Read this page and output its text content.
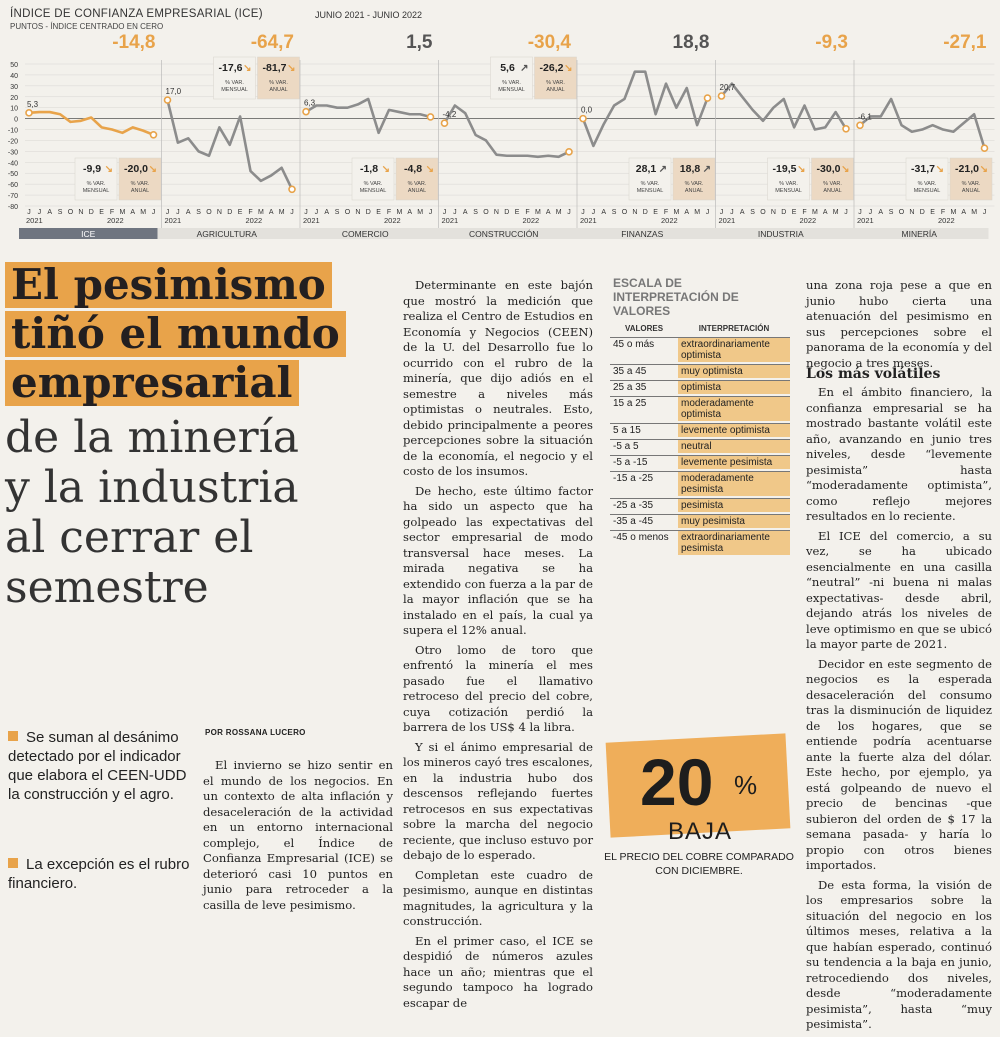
ÍNDICE DE CONFIANZA EMPRESARIAL (ICE)
PUNTOS - ÍNDICE CENTRADO EN CERO
JUNIO 2021 - JUNIO 2022
50
40
30
20
10
0
-10
-20
-30
-40
-50
-60
-70
-80
J J A S O N D E F M A M J
2021	2022
ICE
5,3
-14,8
-9,9 ↘
% VAR.
MENSUAL
-20,0 ↘
% VAR.
ANUAL
J J A S O N D E F M A M J
2021	2022
AGRICULTURA
17,0
-64,7
-17,6 ↘
% VAR.
MENSUAL
-81,7 ↘
% VAR.
ANUAL
J J A S O N D E F M A M J
2021	2022
COMERCIO
6,3
1,5
-1,8 ↘
% VAR.
MENSUAL
-4,8 ↘
% VAR.
ANUAL
J J A S O N D E F M A M J
2021	2022
CONSTRUCCIÓN
-4,2
-30,4
5,6 ↗
% VAR.
MENSUAL
-26,2 ↘
% VAR.
ANUAL
J J A S O N D E F M A M J
2021	2022
FINANZAS
0,0
18,8
28,1 ↗
% VAR.
MENSUAL
18,8 ↗
% VAR.
ANUAL
J J A S O N D E F M A M J
2021	2022
INDUSTRIA
20,7
-9,3
-19,5 ↘
% VAR.
MENSUAL
-30,0 ↘
% VAR.
ANUAL
J J A S O N D E F M A M J
2021	2022
MINERÍA
-6,1
-27,1
-31,7 ↘
% VAR.
MENSUAL
-21,0 ↘
% VAR.
ANUAL
El pesimismo
tiñó el mundo
empresarial
de la minería
y la industria
al cerrar el
semestre
Se suman al desánimo detectado por el indicador que elabora el CEEN-UDD la construcción y el agro.
La excepción es el rubro financiero.
POR ROSSANA LUCERO

El invierno se hizo sentir en el mundo de los negocios. En un contexto de alta inflación y desaceleración de la actividad en un entorno internacional complejo, el Índice de Confianza Empresarial (ICE) se deterioró casi 10 puntos en junio para retroceder a la casilla de leve pesimismo.

Determinante en este bajón que mostró la medición que realiza el Centro de Estudios en Economía y Negocios (CEEN) de la U. del Desarrollo fue lo ocurrido con el rubro de la minería, que dijo adiós en el semestre a niveles más optimistas o neutrales. Esto, debido principalmente a peores percepciones sobre la situación de la economía, el negocio y el costo de los insumos.

De hecho, este último factor ha sido un aspecto que ha golpeado las expectativas del sector empresarial de modo transversal hace meses. La mirada negativa se ha extendido con fuerza a la par de la mayor inflación que se ha instalado en el país, la cual ya supera el 12% anual.

Otro lomo de toro que enfrentó la minería el mes pasado fue el llamativo retroceso del precio del cobre, cuya cotización perdió la barrera de los US$ 4 la libra.

Y si el ánimo empresarial de los mineros cayó tres escalones, en la industria hubo dos descensos reflejando fuertes retrocesos en sus expectativas sobre la marcha del negocio reciente, que incluso estuvo por debajo de lo esperado.

Completan este cuadro de pesimismo, aunque en distintas magnitudes, la agricultura y la construcción.

En el primer caso, el ICE se despidió de números azules hace un año; mientras que el segundo tampoco ha logrado escapar de

ESCALA DE INTERPRETACIÓN DE VALORES
VALORES	INTERPRETACIÓN
45 o más	extraordinariamente optimista
35 a 45	muy optimista
25 a 35	optimista
15 a 25	moderadamente optimista
5 a 15	levemente optimista
-5 a 5	neutral
-5 a -15	levemente pesimista
-15 a -25	moderadamente pesimista
-25 a -35	pesimista
-35 a -45	muy pesimista
-45 o menos	extraordinariamente pesimista
20 %
BAJA
EL PRECIO DEL COBRE COMPARADO CON DICIEMBRE.

una zona roja pese a que en junio hubo cierta una atenuación del pesimismo en sus percepciones sobre el panorama de la economía y del negocio a tres meses.

Los más volátiles

En el ámbito financiero, la confianza empresarial se ha mostrado bastante volátil este año, avanzando en junio tres niveles, desde “levemente pesimista” hasta “moderadamente optimista”, como reflejo mejores resultados en lo reciente.

El ICE del comercio, a su vez, se ha ubicado esencialmente en una casilla “neutral” -ni buena ni malas expectativas- desde abril, dejando atrás los niveles de leve optimismo en que se ubicó la mayor parte de 2021.

Decidor en este segmento de negocios es la esperada desaceleración del consumo tras la disminución de liquidez de los hogares, que se entiende podría acentuarse ante la fuerte alza del dólar. Este hecho, por ejemplo, ya está golpeando de nuevo el precio de bencinas -que subieron del orden de $ 17 la semana pasada- y haría lo propio con otros bienes importados.

De esta forma, la visión de los empresarios sobre la situación del negocio en los últimos meses, relativa a la que habían esperado, continuó su tendencia a la baja en junio, retrocediendo dos niveles, desde “moderadamente pesimista”, hasta “muy pesimista”.
